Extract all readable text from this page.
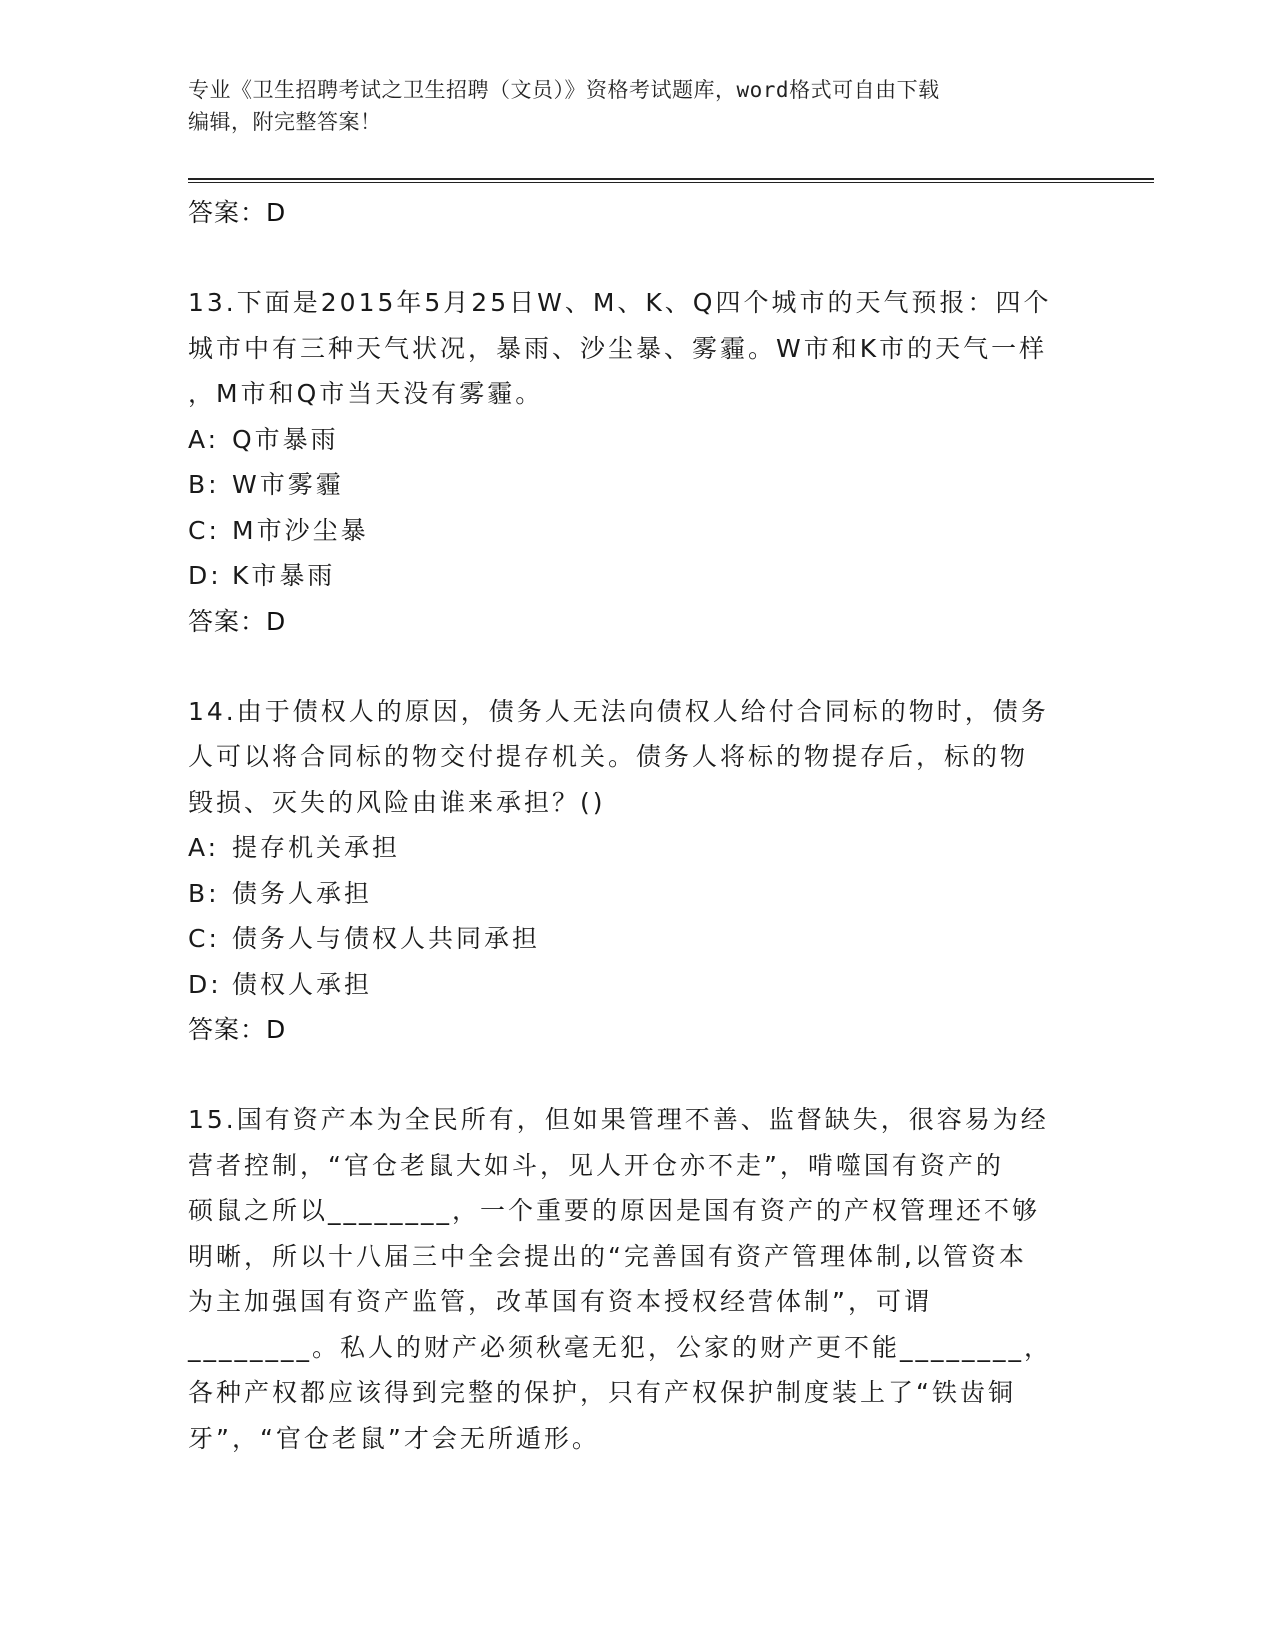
专业《卫生招聘考试之卫生招聘（文员）》资格考试题库，word格式可自由下载
编辑，附完整答案！

答案：D

13.下面是2015年5月25日W、M、K、Q四个城市的天气预报：四个

城市中有三种天气状况，暴雨、沙尘暴、雾霾。W市和K市的天气一样

，M市和Q市当天没有雾霾。

A: Q市暴雨

B: W市雾霾

C: M市沙尘暴

D: K市暴雨

答案：D

14.由于债权人的原因，债务人无法向债权人给付合同标的物时，债务

人可以将合同标的物交付提存机关。债务人将标的物提存后，标的物

毁损、灭失的风险由谁来承担？()

A: 提存机关承担

B: 债务人承担

C: 债务人与债权人共同承担

D: 债权人承担

答案：D

15.国有资产本为全民所有，但如果管理不善、监督缺失，很容易为经

营者控制，“官仓老鼠大如斗，见人开仓亦不走”，啃噬国有资产的

硕鼠之所以________，一个重要的原因是国有资产的产权管理还不够

明晰，所以十八届三中全会提出的“完善国有资产管理体制,以管资本

为主加强国有资产监管，改革国有资本授权经营体制”，可谓

________。私人的财产必须秋毫无犯，公家的财产更不能________，

各种产权都应该得到完整的保护，只有产权保护制度装上了“铁齿铜

牙”，“官仓老鼠”才会无所遁形。
